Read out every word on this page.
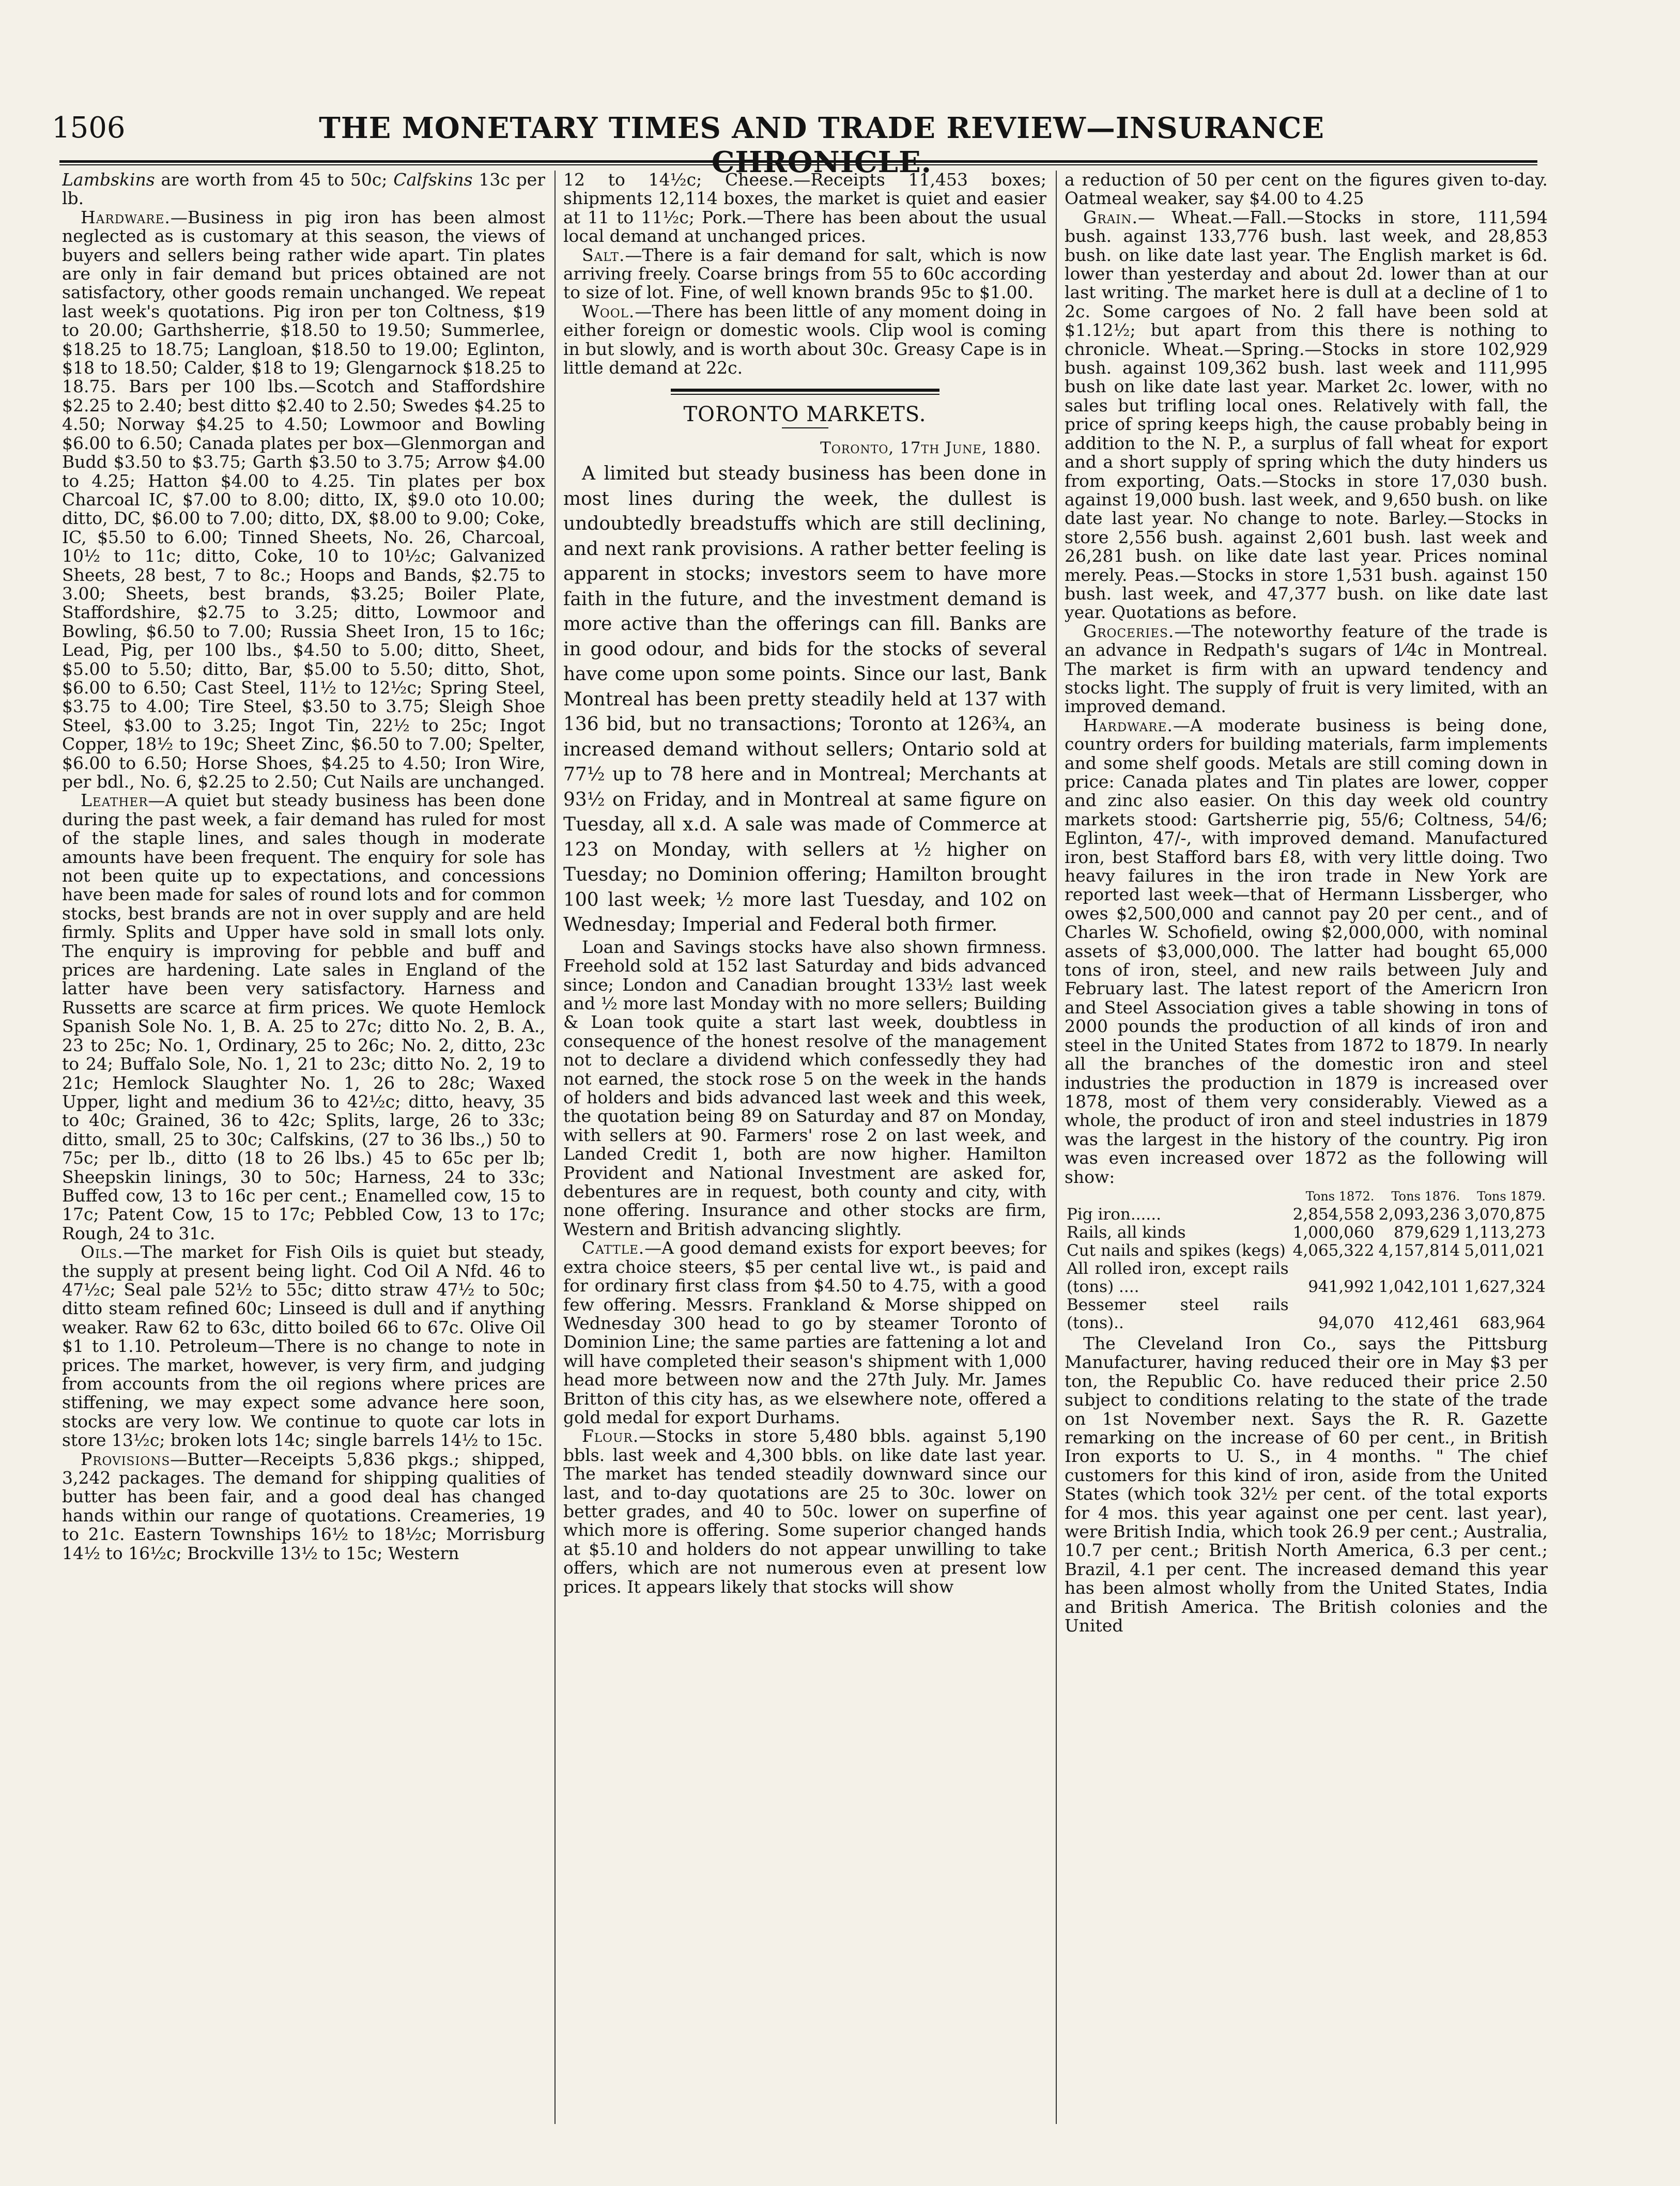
1506	THE MONETARY TIMES AND TRADE REVIEW—INSURANCE CHRONICLE.

Lambskins are worth from 45 to 50c; Calfskins 13c per lb.

Hardware.—Business in pig iron has been almost neglected as is customary at this season, the views of buyers and sellers being rather wide apart. Tin plates are only in fair demand but prices obtained are not satisfactory, other goods remain unchanged. We repeat last week's quotations. Pig iron per ton Coltness, $19 to 20.00; Garthsherrie, $18.50 to 19.50; Summerlee, $18.25 to 18.75; Langloan, $18.50 to 19.00; Eglinton, $18 to 18.50; Calder, $18 to 19; Glengarnock $18.25 to 18.75. Bars per 100 lbs.—Scotch and Staffordshire $2.25 to 2.40; best ditto $2.40 to 2.50; Swedes $4.25 to 4.50; Norway $4.25 to 4.50; Lowmoor and Bowling $6.00 to 6.50; Canada plates per box—Glenmorgan and Budd $3.50 to $3.75; Garth $3.50 to 3.75; Arrow $4.00 to 4.25; Hatton $4.00 to 4.25. Tin plates per box Charcoal IC, $7.00 to 8.00; ditto, IX, $9.0 oto 10.00; ditto, DC, $6.00 to 7.00; ditto, DX, $8.00 to 9.00; Coke, IC, $5.50 to 6.00; Tinned Sheets, No. 26, Charcoal, 10½ to 11c; ditto, Coke, 10 to 10½c; Galvanized Sheets, 28 best, 7 to 8c.; Hoops and Bands, $2.75 to 3.00; Sheets, best brands, $3.25; Boiler Plate, Staffordshire, $2.75 to 3.25; ditto, Lowmoor and Bowling, $6.50 to 7.00; Russia Sheet Iron, 15 to 16c; Lead, Pig, per 100 lbs., $4.50 to 5.00; ditto, Sheet, $5.00 to 5.50; ditto, Bar, $5.00 to 5.50; ditto, Shot, $6.00 to 6.50; Cast Steel, 11½ to 12½c; Spring Steel, $3.75 to 4.00; Tire Steel, $3.50 to 3.75; Sleigh Shoe Steel, $3.00 to 3.25; Ingot Tin, 22½ to 25c; Ingot Copper, 18½ to 19c; Sheet Zinc, $6.50 to 7.00; Spelter, $6.00 to 6.50; Horse Shoes, $4.25 to 4.50; Iron Wire, per bdl., No. 6, $2.25 to 2.50; Cut Nails are unchanged.

Leather—A quiet but steady business has been done during the past week, a fair demand has ruled for most of the staple lines, and sales though in moderate amounts have been frequent. The enquiry for sole has not been quite up to expectations, and concessions have been made for sales of round lots and for common stocks, best brands are not in over supply and are held firmly. Splits and Upper have sold in small lots only. The enquiry is improving for pebble and buff and prices are hardening. Late sales in England of the latter have been very satisfactory. Harness and Russetts are scarce at firm prices. We quote Hemlock Spanish Sole No. 1, B. A. 25 to 27c; ditto No. 2, B. A., 23 to 25c; No. 1, Ordinary, 25 to 26c; No. 2, ditto, 23c to 24; Buffalo Sole, No. 1, 21 to 23c; ditto No. 2, 19 to 21c; Hemlock Slaughter No. 1, 26 to 28c; Waxed Upper, light and medium 36 to 42½c; ditto, heavy, 35 to 40c; Grained, 36 to 42c; Splits, large, 26 to 33c; ditto, small, 25 to 30c; Calfskins, (27 to 36 lbs.,) 50 to 75c; per lb., ditto (18 to 26 lbs.) 45 to 65c per lb; Sheepskin linings, 30 to 50c; Harness, 24 to 33c; Buffed cow, 13 to 16c per cent.; Enamelled cow, 15 to 17c; Patent Cow, 15 to 17c; Pebbled Cow, 13 to 17c; Rough, 24 to 31c.

Oils.—The market for Fish Oils is quiet but steady, the supply at present being light. Cod Oil A Nfd. 46 to 47½c; Seal pale 52½ to 55c; ditto straw 47½ to 50c; ditto steam refined 60c; Linseed is dull and if anything weaker. Raw 62 to 63c, ditto boiled 66 to 67c. Olive Oil $1 to 1.10. Petroleum—There is no change to note in prices. The market, however, is very firm, and judging from accounts from the oil regions where prices are stiffening, we may expect some advance here soon, stocks are very low. We continue to quote car lots in store 13½c; broken lots 14c; single barrels 14½ to 15c.

Provisions—Butter—Receipts 5,836 pkgs.; shipped, 3,242 packages. The demand for shipping qualities of butter has been fair, and a good deal has changed hands within our range of quotations. Creameries, 19 to 21c. Eastern Townships 16½ to 18½c; Morrisburg 14½ to 16½c; Brockville 13½ to 15c; Western

12 to 14½c; Cheese.—Receipts 11,453 boxes; shipments 12,114 boxes, the market is quiet and easier at 11 to 11½c; Pork.—There has been about the usual local demand at unchanged prices.

Salt.—There is a fair demand for salt, which is now arriving freely. Coarse brings from 55 to 60c according to size of lot. Fine, of well known brands 95c to $1.00.

Wool.—There has been little of any moment doing in either foreign or domestic wools. Clip wool is coming in but slowly, and is worth about 30c. Greasy Cape is in little demand at 22c.

TORONTO MARKETS.
Toronto, 17th June, 1880.

A limited but steady business has been done in most lines during the week, the dullest is undoubtedly breadstuffs which are still declining, and next rank provisions. A rather better feeling is apparent in stocks; investors seem to have more faith in the future, and the investment demand is more active than the offerings can fill. Banks are in good odour, and bids for the stocks of several have come upon some points. Since our last, Bank Montreal has been pretty steadily held at 137 with 136 bid, but no transactions; Toronto at 126¾, an increased demand without sellers; Ontario sold at 77½ up to 78 here and in Montreal; Merchants at 93½ on Friday, and in Montreal at same figure on Tuesday, all x.d. A sale was made of Commerce at 123 on Monday, with sellers at ½ higher on Tuesday; no Dominion offering; Hamilton brought 100 last week; ½ more last Tuesday, and 102 on Wednesday; Imperial and Federal both firmer.

Loan and Savings stocks have also shown firmness. Freehold sold at 152 last Saturday and bids advanced since; London and Canadian brought 133½ last week and ½ more last Monday with no more sellers; Building & Loan took quite a start last week, doubtless in consequence of the honest resolve of the management not to declare a dividend which confessedly they had not earned, the stock rose 5 on the week in the hands of holders and bids advanced last week and this week, the quotation being 89 on Saturday and 87 on Monday, with sellers at 90. Farmers' rose 2 on last week, and Landed Credit 1, both are now higher. Hamilton Provident and National Investment are asked for, debentures are in request, both county and city, with none offering. Insurance and other stocks are firm, Western and British advancing slightly.

Cattle.—A good demand exists for export beeves; for extra choice steers, $5 per cental live wt., is paid and for ordinary first class from $4.50 to 4.75, with a good few offering. Messrs. Frankland & Morse shipped on Wednesday 300 head to go by steamer Toronto of Dominion Line; the same parties are fattening a lot and will have completed their season's shipment with 1,000 head more between now and the 27th July. Mr. James Britton of this city has, as we elsewhere note, offered a gold medal for export Durhams.

Flour.—Stocks in store 5,480 bbls. against 5,190 bbls. last week and 4,300 bbls. on like date last year. The market has tended steadily downward since our last, and to-day quotations are 25 to 30c. lower on better grades, and 40 to 50c. lower on superfine of which more is offering. Some superior changed hands at $5.10 and holders do not appear unwilling to take offers, which are not numerous even at present low prices. It appears likely that stocks will show

a reduction of 50 per cent on the figures given to-day. Oatmeal weaker, say $4.00 to 4.25

Grain.— Wheat.—Fall.—Stocks in store, 111,594 bush. against 133,776 bush. last week, and 28,853 bush. on like date last year. The English market is 6d. lower than yesterday and about 2d. lower than at our last writing. The market here is dull at a decline of 1 to 2c. Some cargoes of No. 2 fall have been sold at $1.12½; but apart from this there is nothing to chronicle. Wheat.—Spring.—Stocks in store 102,929 bush. against 109,362 bush. last week and 111,995 bush on like date last year. Market 2c. lower, with no sales but trifling local ones. Relatively with fall, the price of spring keeps high, the cause probably being in addition to the N. P., a surplus of fall wheat for export and a short supply of spring which the duty hinders us from exporting, Oats.—Stocks in store 17,030 bush. against 19,000 bush. last week, and 9,650 bush. on like date last year. No change to note. Barley.—Stocks in store 2,556 bush. against 2,601 bush. last week and 26,281 bush. on like date last year. Prices nominal merely. Peas.—Stocks in store 1,531 bush. against 150 bush. last week, and 47,377 bush. on like date last year. Quotations as before.

Groceries.—The noteworthy feature of the trade is an advance in Redpath's sugars of 1⁄4c in Montreal. The market is firm with an upward tendency and stocks light. The supply of fruit is very limited, with an improved demand.

Hardware.—A moderate business is being done, country orders for building materials, farm implements and some shelf goods. Metals are still coming down in price: Canada plates and Tin plates are lower, copper and zinc also easier. On this day week old country markets stood: Gartsherrie pig, 55/6; Coltness, 54/6; Eglinton, 47/-, with improved demand. Manufactured iron, best Stafford bars £8, with very little doing. Two heavy failures in the iron trade in New York are reported last week—that of Hermann Lissberger, who owes $2,500,000 and cannot pay 20 per cent., and of Charles W. Schofield, owing $2,000,000, with nominal assets of $3,000,000. The latter had bought 65,000 tons of iron, steel, and new rails between July and February last. The latest report of the Americrn Iron and Steel Association gives a table showing in tons of 2000 pounds the production of all kinds of iron and steel in the United States from 1872 to 1879. In nearly all the branches of the domestic iron and steel industries the production in 1879 is increased over 1878, most of them very considerably. Viewed as a whole, the product of iron and steel industries in 1879 was the largest in the history of the country. Pig iron was even increased over 1872 as the following will show:

	Tons 1872.	Tons 1876.	Tons 1879.
Pig iron......	2,854,558	2,093,236	3,070,875
Rails, all kinds	1,000,060	879,629	1,113,273
Cut nails and spikes (kegs)	4,065,322	4,157,814	5,011,021
All rolled iron, except rails (tons) ....	941,992	1,042,101	1,627,324
Bessemer steel rails (tons)..	94,070	412,461	683,964

The Cleveland Iron Co., says the Pittsburg Manufacturer, having reduced their ore in May $3 per ton, the Republic Co. have reduced their price 2.50 subject to conditions relating to the state of the trade on 1st November next. Says the R. R. Gazette remarking on the increase of 60 per cent., in British Iron exports to U. S., in 4 months. " The chief customers for this kind of iron, aside from the United States (which took 32½ per cent. of the total exports for 4 mos. this year against one per cent. last year), were British India, which took 26.9 per cent.; Australia, 10.7 per cent.; British North America, 6.3 per cent.; Brazil, 4.1 per cent. The increased demand this year has been almost wholly from the United States, India and British America. The British colonies and the United
